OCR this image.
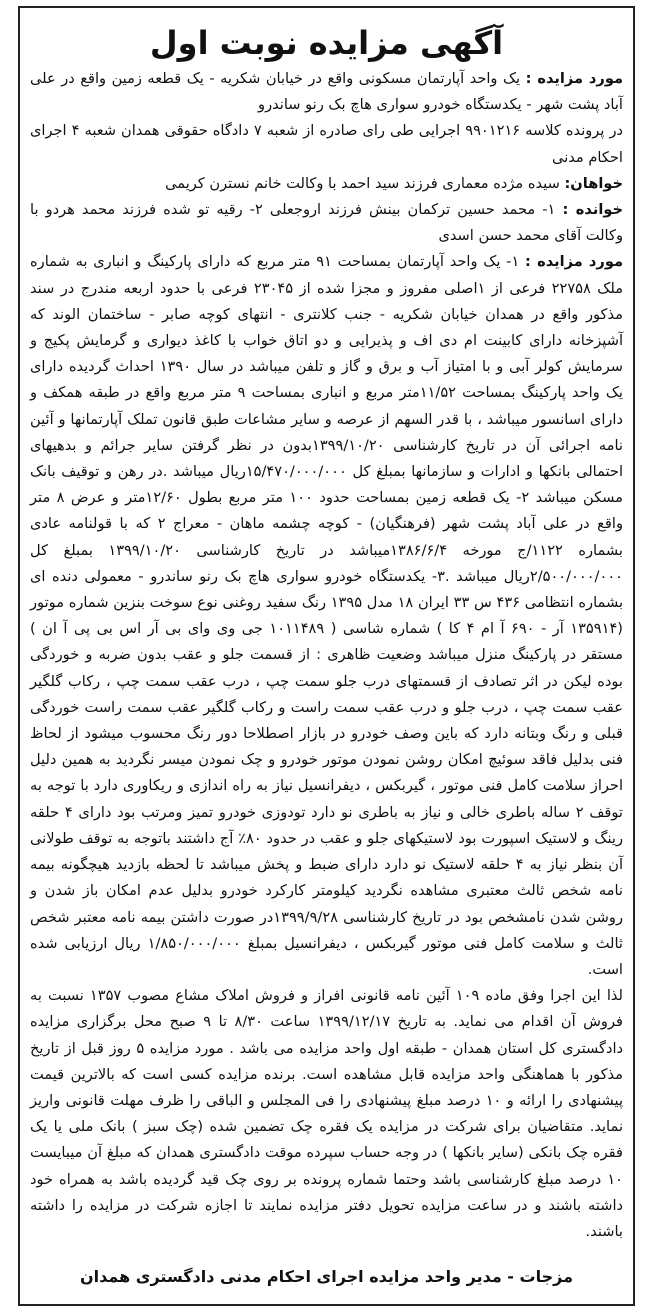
آگهی مزایده نوبت اول

مورد مزایده : یک واحد آپارتمان مسکونی واقع در خیابان شکریه - یک قطعه زمین واقع در علی آباد پشت شهر - یکدستگاه خودرو سواری هاچ بک رنو ساندرو

در پرونده کلاسه ۹۹۰۱۲۱۶ اجرایی طی رای صادره از شعبه ۷ دادگاه حقوقی همدان شعبه ۴ اجرای احکام مدنی

خواهان: سیده مژده معماری فرزند سید احمد با وکالت خانم نسترن کریمی

خوانده : ۱- محمد حسین ترکمان بینش فرزند اروجعلی ۲- رقیه تو شده فرزند محمد هردو با وکالت آقای محمد حسن اسدی

مورد مزایده : ۱- یک واحد آپارتمان بمساحت ۹۱ متر مربع که دارای پارکینگ و انباری به شماره ملک ۲۲۷۵۸ فرعی از ۱اصلی مفروز و مجزا شده از ۲۳۰۴۵ فرعی با حدود اربعه مندرج در سند مذکور واقع در همدان خیابان شکریه - جنب کلانتری - انتهای کوچه صابر - ساختمان الوند که آشپزخانه دارای کابینت ام دی اف و پذیرایی و دو اتاق خواب با کاغذ دیواری و گرمایش پکیج و سرمایش کولر آبی و با امتیاز آب و برق و گاز و تلفن میباشد در سال ۱۳۹۰ احداث گردیده دارای یک واحد پارکینگ بمساحت ۱۱/۵۲متر مربع و انباری بمساحت ۹ متر مربع واقع در طبقه همکف و دارای اسانسور میباشد ، با قدر السهم از عرصه و سایر مشاعات طبق قانون تملک آپارتمانها و آئین نامه اجرائی آن در تاریخ کارشناسی ۱۳۹۹/۱۰/۲۰بدون در نظر گرفتن سایر جرائم و بدهیهای احتمالی بانکها و ادارات و سازمانها بمبلغ کل ۱۵/۴۷۰/۰۰۰/۰۰۰ریال میباشد .در رهن و توقیف بانک مسکن میباشد ۲- یک قطعه زمین بمساحت حدود ۱۰۰ متر مربع بطول ۱۲/۶۰متر و عرض ۸ متر واقع در علی آباد پشت شهر (فرهنگیان) - کوچه چشمه ماهان - معراج ۲ که با قولنامه عادی بشماره ۱۱۲۲/ج مورخه ۱۳۸۶/۶/۴میباشد در تاریخ کارشناسی ۱۳۹۹/۱۰/۲۰ بمبلغ کل ۲/۵۰۰/۰۰۰/۰۰۰ریال میباشد .۳- یکدستگاه خودرو سواری هاچ بک رنو ساندرو - معمولی دنده ای بشماره انتظامی ۴۳۶ س ۳۳ ایران ۱۸ مدل ۱۳۹۵ رنگ سفید روغنی نوع سوخت بنزین شماره موتور (۱۳۵۹۱۴ آر - ۶۹۰ آ ام ۴ کا ) شماره شاسی ( ۱۰۱۱۴۸۹ جی وی وای بی آر اس بی پی آ ان ) مستقر در پارکینگ منزل میباشد وضعیت ظاهری : از قسمت جلو و عقب بدون ضربه و خوردگی بوده لیکن در اثر تصادف از قسمتهای درب جلو سمت چپ ، درب عقب سمت چپ ، رکاب گلگیر عقب سمت چپ ، درب جلو و درب عقب سمت راست و رکاب گلگیر عقب سمت راست خوردگی قبلی و رنگ وبتانه دارد که باین وصف خودرو در بازار اصطلاحا دور رنگ محسوب میشود از لحاظ فنی بدلیل فاقد سوئیچ امکان روشن نمودن موتور خودرو و چک نمودن میسر نگردید به همین دلیل احراز سلامت کامل فنی موتور ، گیربکس ، دیفرانسیل نیاز به راه اندازی و ریکاوری دارد با توجه به توقف ۲ ساله باطری خالی و نیاز به باطری نو دارد تودوزی خودرو تمیز ومرتب بود دارای ۴ حلقه رینگ و لاستیک اسپورت بود لاستیکهای جلو و عقب در حدود ۸۰٪ آج داشتند باتوجه به توقف طولانی آن بنظر نیاز به ۴ حلقه لاستیک نو دارد دارای ضبط و پخش میباشد تا لحظه بازدید هیچگونه بیمه نامه شخص ثالث معتبری مشاهده نگردید کیلومتر کارکرد خودرو بدلیل عدم امکان باز شدن و روشن شدن نامشخص بود در تاریخ کارشناسی ۱۳۹۹/۹/۲۸در صورت داشتن بیمه نامه معتبر شخص ثالث و سلامت کامل فنی موتور گیربکس ، دیفرانسیل بمبلغ ۱/۸۵۰/۰۰۰/۰۰۰ ریال ارزیابی شده است.

لذا این اجرا وفق ماده ۱۰۹ آئین نامه قانونی افراز و فروش املاک مشاع مصوب ۱۳۵۷ نسبت به فروش آن اقدام می نماید. به تاریخ ۱۳۹۹/۱۲/۱۷ ساعت ۸/۳۰ تا ۹ صبح محل برگزاری مزایده دادگستری کل استان همدان - طبقه اول واحد مزایده می باشد . مورد مزایده ۵ روز قبل از تاریخ مذکور با هماهنگی واحد مزایده قابل مشاهده است. برنده مزایده کسی است که بالاترین قیمت پیشنهادی را ارائه و ۱۰ درصد مبلغ پیشنهادی را فی المجلس و الباقی را ظرف مهلت قانونی واریز نماید. متقاضیان برای شرکت در مزایده یک فقره چک تضمین شده (چک سبز ) بانک ملی یا یک فقره چک بانکی (سایر بانکها ) در وجه حساب سپرده موقت دادگستری همدان که مبلغ آن میبایست ۱۰ درصد مبلغ کارشناسی باشد وحتما شماره پرونده بر روی چک قید گردیده باشد به همراه خود داشته باشند و در ساعت مزایده تحویل دفتر مزایده نمایند تا اجازه شرکت در مزایده را داشته باشند.

مزجات - مدیر واحد مزایده اجرای احکام مدنی دادگستری همدان
